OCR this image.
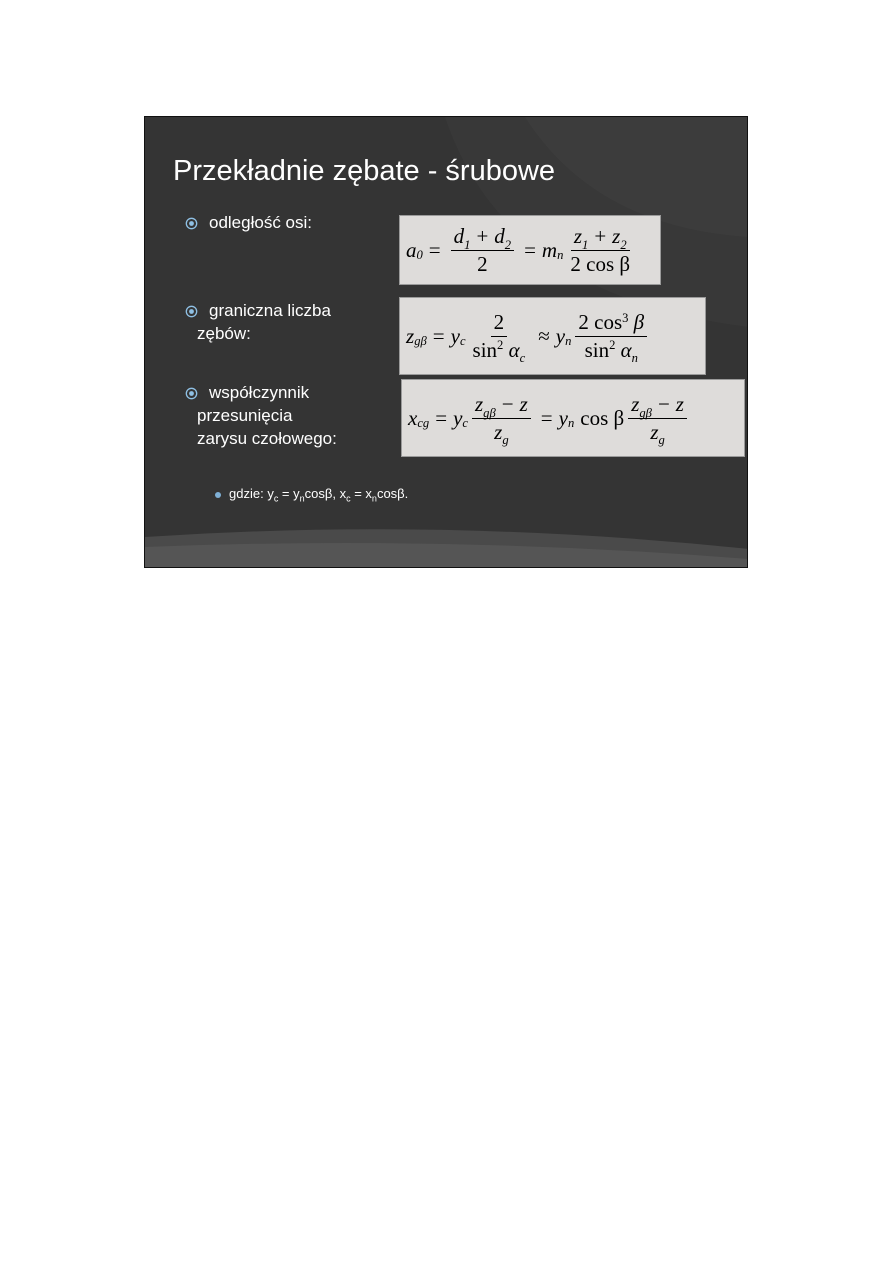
Przekładnie zębate - śrubowe
odległość osi:
graniczna liczba
zębów:
współczynnik
przesunięcia
zarysu czołowego:
a $0 = \frac{d_1 + d_2}{2} = m$ n $\frac{z_1 + z_2}{\text{2 cos β}}$
z gβ = y c $\frac{2}{\sin^2 \alpha_c} \approx y$ n $\frac{2 \cos^3 \beta}{\sin^2 \alpha_n}$
x cg = y c $\frac{z_{g\beta} - z}{z_g} = y$ n cos β $\frac{z_{g\beta} - z}{z_g}$
gdzie: $y_c = y_n\cos\beta$, $x_c = x_n\cos\beta$.
